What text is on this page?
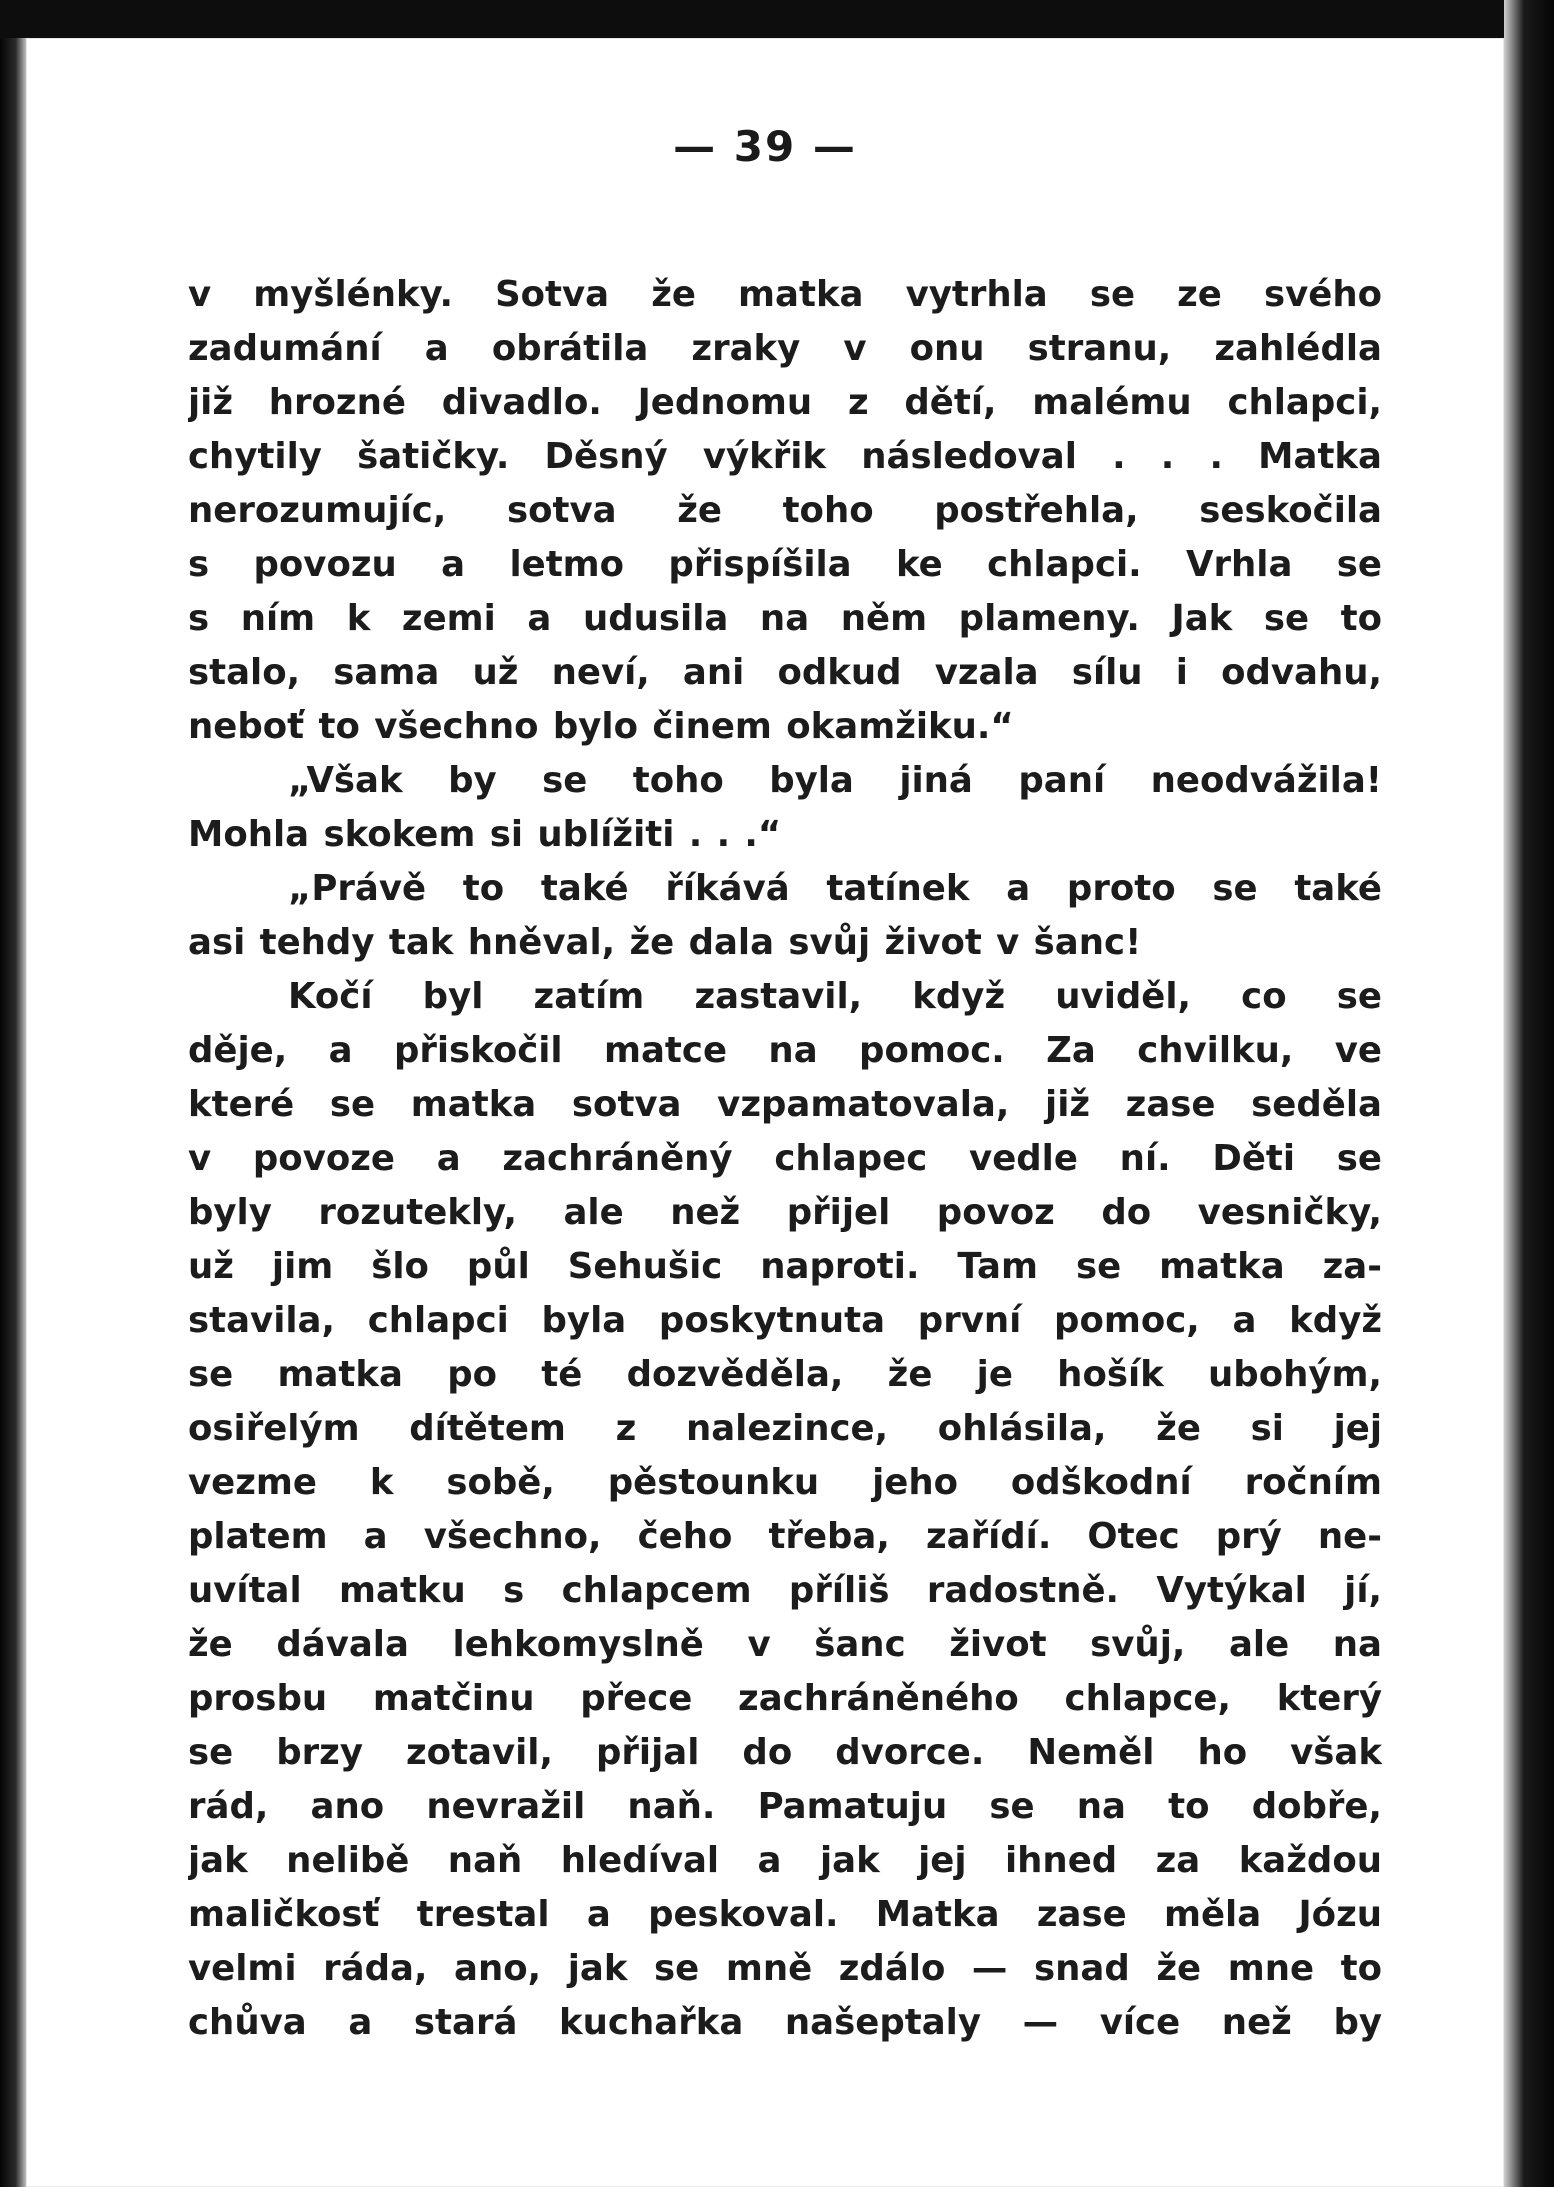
— 39 —
v myšlénky. Sotva že matka vytrhla se ze svého
zadumání a obrátila zraky v onu stranu, zahlédla
již hrozné divadlo. Jednomu z dětí, malému chlapci,
chytily šatičky. Děsný výkřik následoval . . . Matka
nerozumujíc, sotva že toho postřehla, seskočila
s povozu a letmo přispíšila ke chlapci. Vrhla se
s ním k zemi a udusila na něm plameny. Jak se to
stalo, sama už neví, ani odkud vzala sílu i odvahu,
neboť to všechno bylo činem okamžiku.“
„Však by se toho byla jiná paní neodvážila!
Mohla skokem si ublížiti . . .“
„Právě to také říkává tatínek a proto se také
asi tehdy tak hněval, že dala svůj život v šanc!
Kočí byl zatím zastavil, když uviděl, co se
děje, a přiskočil matce na pomoc. Za chvilku, ve
které se matka sotva vzpamatovala, již zase seděla
v povoze a zachráněný chlapec vedle ní. Děti se
byly rozutekly, ale než přijel povoz do vesničky,
už jim šlo půl Sehušic naproti. Tam se matka za-
stavila, chlapci byla poskytnuta první pomoc, a když
se matka po té dozvěděla, že je hošík ubohým,
osiřelým dítětem z nalezince, ohlásila, že si jej
vezme k sobě, pěstounku jeho odškodní ročním
platem a všechno, čeho třeba, zařídí. Otec prý ne-
uvítal matku s chlapcem příliš radostně. Vytýkal jí,
že dávala lehkomyslně v šanc život svůj, ale na
prosbu matčinu přece zachráněného chlapce, který
se brzy zotavil, přijal do dvorce. Neměl ho však
rád, ano nevražil naň. Pamatuju se na to dobře,
jak nelibě naň hledíval a jak jej ihned za každou
maličkosť trestal a peskoval. Matka zase měla Józu
velmi ráda, ano, jak se mně zdálo — snad že mne to
chůva a stará kuchařka našeptaly — více než by
